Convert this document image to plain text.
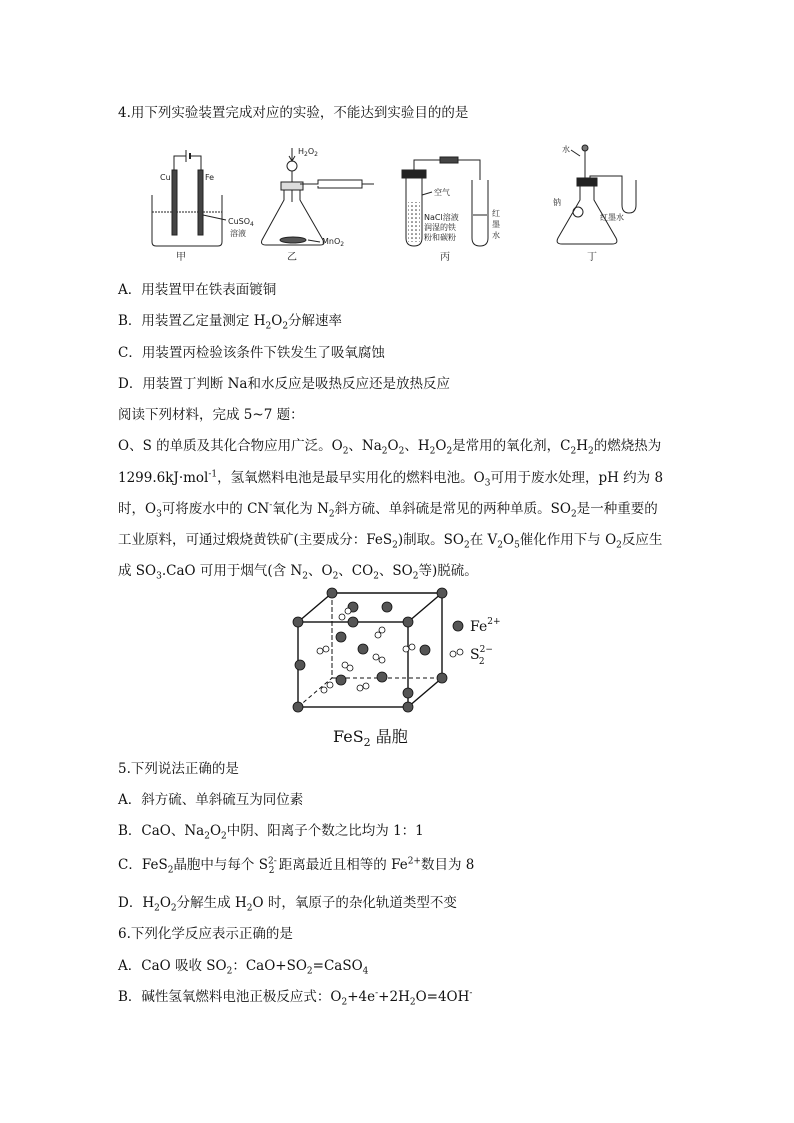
4.用下列实验装置完成对应的实验，不能达到实验目的的是
Cu	Fe
CuSO$_4$
溶液
甲
$H_2O_2$
MnO$_2$
乙
空气
NaCl溶液
润湿的铁
粉和碳粉
红
墨
水
丙
水
钠
红墨水
丁
A．用装置甲在铁表面镀铜
B．用装置乙定量测定 $H_2O_2$分解速率
C．用装置丙检验该条件下铁发生了吸氧腐蚀
D．用装置丁判断 Na和水反应是吸热反应还是放热反应
阅读下列材料，完成 5~7 题：
O、S 的单质及其化合物应用广泛。$O_2$、$Na_2O_2$、$H_2O_2$是常用的氧化剂，$C_2H_2$的燃烧热为
1299.6kJ·mol$^{-1}$，氢氧燃料电池是最早实用化的燃料电池。$O_3$可用于废水处理，pH 约为 8
时，$O_3$可将废水中的 CN-氧化为 $N_2$斜方硫、单斜硫是常见的两种单质。$SO_2$是一种重要的
工业原料，可通过煅烧黄铁矿(主要成分：FeS$_2$)制取。$SO_2$在 $V_2O_5$催化作用下与 $O_2$反应生
成 $SO_3.CaO$ 可用于烟气(含 $N_2$、$O_2$、$CO_2$、$SO_2$等)脱硫。
$Fe^{2+}$
$S^{2-}$ 2
FeS$_2$ 晶胞
5.下列说法正确的是
A．斜方硫、单斜硫互为同位素
B．CaO、$Na_2O_2$中阴、阳离子个数之比均为 1：1
C．FeS$_2$晶胞中与每个 $S^{2-}_2$ 距离最近且相等的 $Fe^{2+}$数目为 8
D．$H_2O_2$分解生成 $H_2O$ 时，氧原子的杂化轨道类型不变
6.下列化学反应表示正确的是
A．CaO 吸收 $SO_2$：$CaO+SO_2=CaSO_4$
B．碱性氢氧燃料电池正极反应式：$O_2+4e^-+2H_2O=4OH^-$
